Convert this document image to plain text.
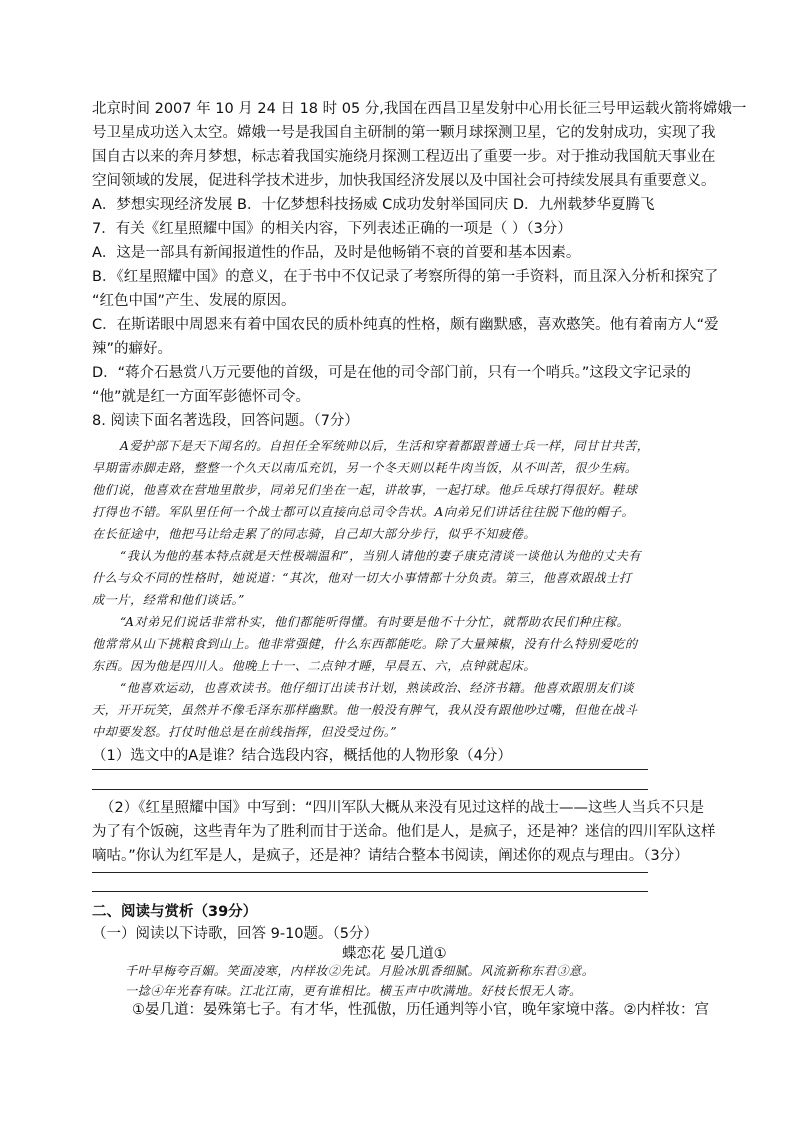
北京时间 2007 年 10 月 24 日 18 时 05 分,我国在西昌卫星发射中心用长征三号甲运载火箭将嫦娥一

号卫星成功送入太空。嫦娥一号是我国自主研制的第一颗月球探测卫星，它的发射成功，实现了我

国自古以来的奔月梦想，标志着我国实施绕月探测工程迈出了重要一步。对于推动我国航天事业在

空间领域的发展，促进科学技术进步，加快我国经济发展以及中国社会可持续发展具有重要意义。

A．梦想实现经济发展 B．十亿梦想科技扬威 C成功发射举国同庆 D．九州载梦华夏腾飞

7．有关《红星照耀中国》的相关内容，下列表述正确的一项是（ ）（3分）

A．这是一部具有新闻报道性的作品，及时是他畅销不衰的首要和基本因素。

B．《红星照耀中国》的意义，在于书中不仅记录了考察所得的第一手资料，而且深入分析和探究了

“红色中国”产生、发展的原因。

C．在斯诺眼中周恩来有着中国农民的质朴纯真的性格，颇有幽默感，喜欢憨笑。他有着南方人“爱

辣”的癖好。

D．“蒋介石悬赏八万元要他的首级，可是在他的司令部门前，只有一个哨兵。”这段文字记录的

“他”就是红一方面军彭德怀司令。

8. 阅读下面名著选段，回答问题。（7分）

A爱护部下是天下闻名的。自担任全军统帅以后，生活和穿着都跟普通士兵一样，同甘甘共苦，

早期雷赤脚走路，整整一个久天以南瓜充饥，另一个冬天则以耗牛肉当饭，从不叫苦，很少生病。

他们说，他喜欢在营地里散步，同弟兄们坐在一起，讲故事，一起打球。他乒乓球打得很好。鞋球

打得也不错。军队里任何一个战士都可以直接向总司令告状。A向弟兄们讲话往往脱下他的帽子。

在长征途中，他把马让给走累了的同志骑，自己却大部分步行，似乎不知疲倦。

“我认为他的基本特点就是天性极端温和”，当别人请他的妻子康克清谈一谈他认为他的丈夫有

什么与众不同的性格时，她说道：“其次，他对一切大小事情都十分负责。第三，他喜欢跟战士打

成一片，经常和他们谈话。”

“A对弟兄们说话非常朴实，他们都能听得懂。有时要是他不十分忙，就帮助农民们种庄稼。

他常常从山下挑粮食到山上。他非常强健，什么东西都能吃。除了大量辣椒，没有什么特别爱吃的

东西。因为他是四川人。他晚上十一、二点钟才睡，早晨五、六，点钟就起床。

“他喜欢运动，也喜欢读书。他仔细订出读书计划，熟读政治、经济书籍。他喜欢跟朋友们谈

天，开开玩笑，虽然并不像毛泽东那样幽默。他一般没有脾气，我从没有跟他吵过嘴，但他在战斗

中却要发怒。打仗时他总是在前线指挥，但没受过伤。”

（1）选文中的A是谁？结合选段内容，概括他的人物形象（4分）

（2）《红星照耀中国》中写到：“四川军队大概从来没有见过这样的战士——这些人当兵不只是

为了有个饭碗，这些青年为了胜利而甘于送命。他们是人，是疯子，还是神？迷信的四川军队这样

嘀咕。”你认为红军是人，是疯子，还是神？请结合整本书阅读，阐述你的观点与理由。（3分）

二、阅读与赏析（39分）

（一）阅读以下诗歌，回答 9-10题。（5分）

蝶恋花 晏几道①

千叶早梅夸百媚。笑面凌寒，内样妆②先试。月脸冰肌香细腻。风流新称东君③意。

一捻④年光春有味。江北江南，更有谁相比。横玉声中吹满地。好枝长恨无人寄。

①晏几道：晏殊第七子。有才华，性孤傲，历任通判等小官，晚年家境中落。②内样妆：宫
